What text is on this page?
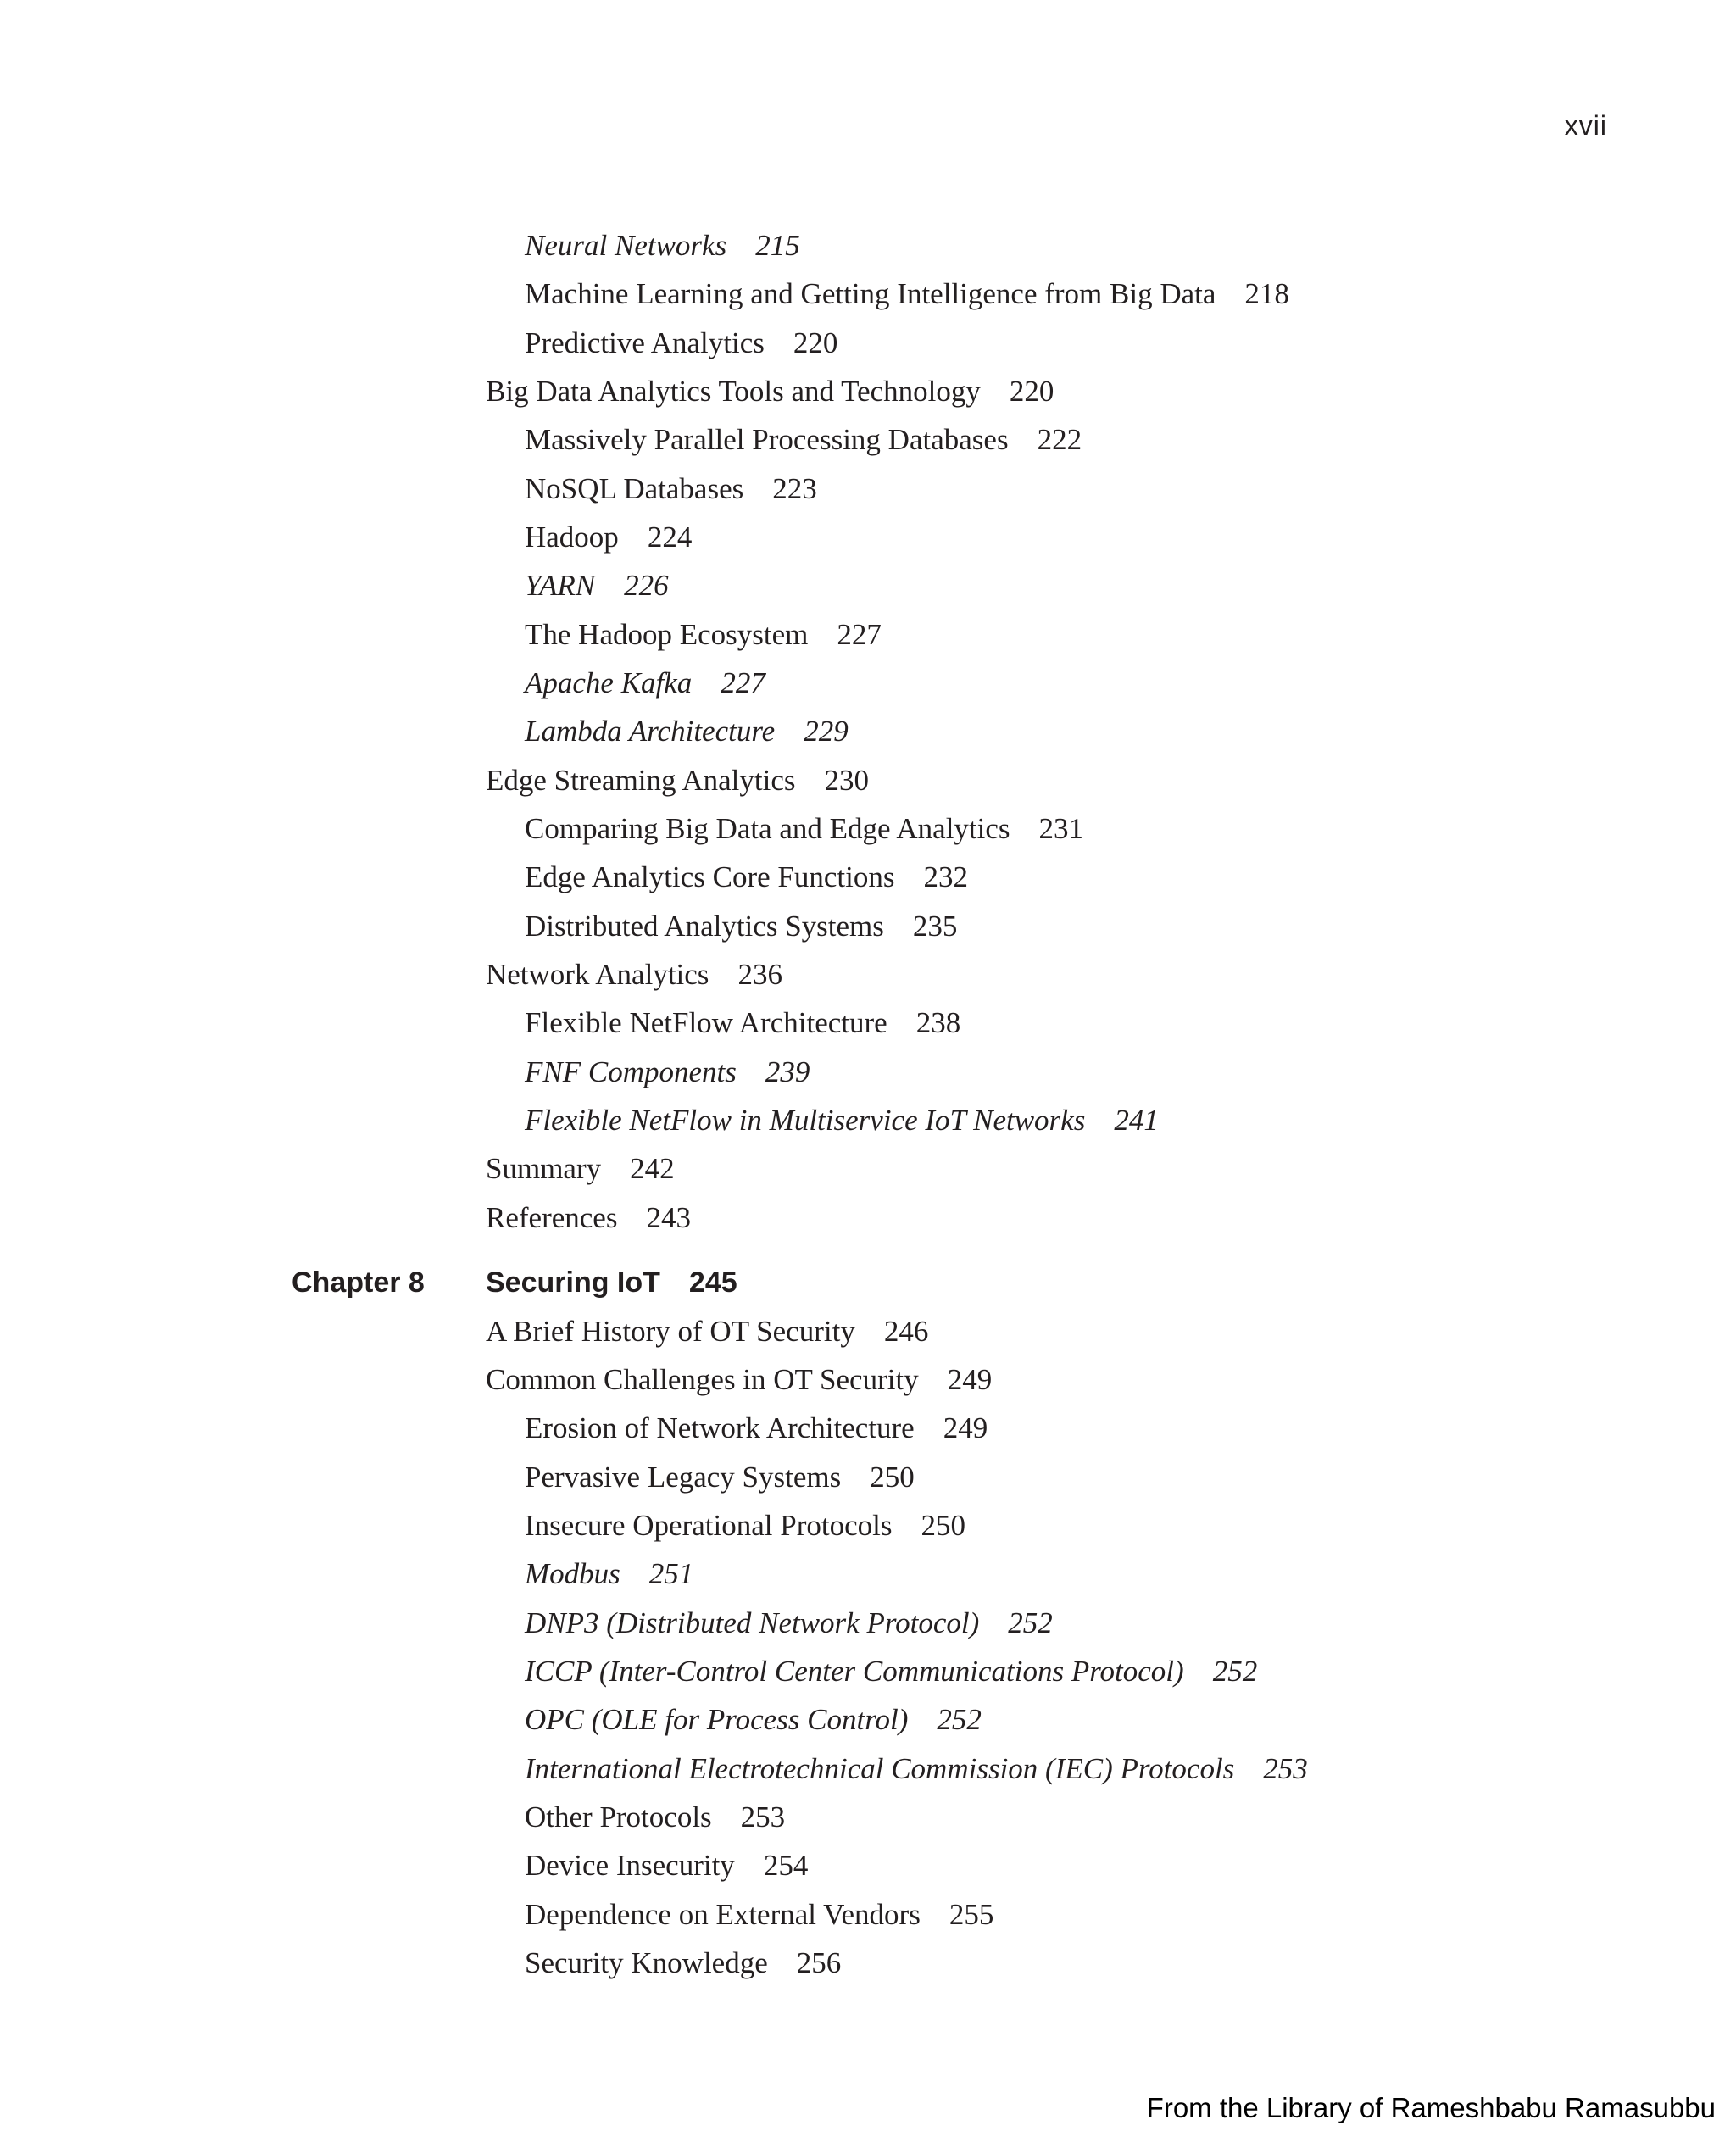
xvii
Neural Networks 215
Machine Learning and Getting Intelligence from Big Data 218
Predictive Analytics 220
Big Data Analytics Tools and Technology 220
Massively Parallel Processing Databases 222
NoSQL Databases 223
Hadoop 224
YARN 226
The Hadoop Ecosystem 227
Apache Kafka 227
Lambda Architecture 229
Edge Streaming Analytics 230
Comparing Big Data and Edge Analytics 231
Edge Analytics Core Functions 232
Distributed Analytics Systems 235
Network Analytics 236
Flexible NetFlow Architecture 238
FNF Components 239
Flexible NetFlow in Multiservice IoT Networks 241
Summary 242
References 243
Chapter 8 Securing IoT 245
A Brief History of OT Security 246
Common Challenges in OT Security 249
Erosion of Network Architecture 249
Pervasive Legacy Systems 250
Insecure Operational Protocols 250
Modbus 251
DNP3 (Distributed Network Protocol) 252
ICCP (Inter-Control Center Communications Protocol) 252
OPC (OLE for Process Control) 252
International Electrotechnical Commission (IEC) Protocols 253
Other Protocols 253
Device Insecurity 254
Dependence on External Vendors 255
Security Knowledge 256
From the Library of Rameshbabu Ramasubbu
